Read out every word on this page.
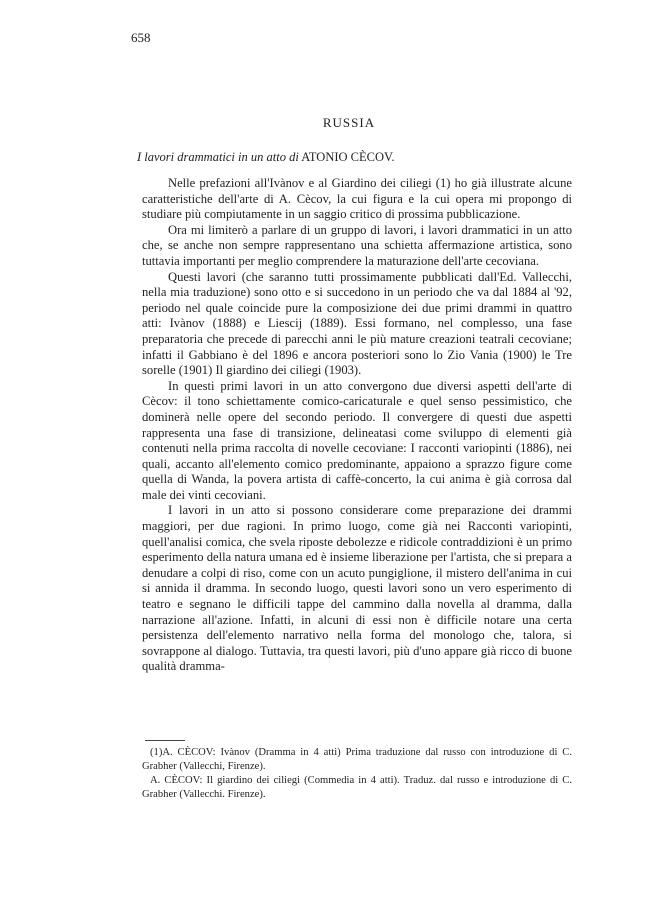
658
RUSSIA
I lavori drammatici in un atto di ATONIO CÈCOV.

Nelle prefazioni all'Ivànov e al Giardino dei ciliegi (1) ho già illustrate alcune caratteristiche dell'arte di A. Cècov, la cui figura e la cui opera mi propongo di studiare più compiutamente in un saggio critico di prossima pubblicazione.

Ora mi limiterò a parlare di un gruppo di lavori, i lavori drammatici in un atto che, se anche non sempre rappresentano una schietta affermazione artistica, sono tuttavia importanti per meglio comprendere la maturazione dell'arte cecoviana.

Questi lavori (che saranno tutti prossimamente pubblicati dall'Ed. Vallecchi, nella mia traduzione) sono otto e si succedono in un periodo che va dal 1884 al '92, periodo nel quale coincide pure la composizione dei due primi drammi in quattro atti: Ivànov (1888) e Liescij (1889). Essi formano, nel complesso, una fase preparatoria che precede di parecchi anni le più mature creazioni teatrali cecoviane; infatti il Gabbiano è del 1896 e ancora posteriori sono lo Zio Vania (1900) le Tre sorelle (1901) Il giardino dei ciliegi (1903).

In questi primi lavori in un atto convergono due diversi aspetti dell'arte di Cècov: il tono schiettamente comico-caricaturale e quel senso pessimistico, che dominerà nelle opere del secondo periodo. Il convergere di questi due aspetti rappresenta una fase di transizione, delineatasi come sviluppo di elementi già contenuti nella prima raccolta di novelle cecoviane: I racconti variopinti (1886), nei quali, accanto all'elemento comico predominante, appaiono a sprazzo figure come quella di Wanda, la povera artista di caffè-concerto, la cui anima è già corrosa dal male dei vinti cecoviani.

I lavori in un atto si possono considerare come preparazione dei drammi maggiori, per due ragioni. In primo luogo, come già nei Racconti variopinti, quell'analisi comica, che svela riposte debolezze e ridicole contraddizioni è un primo esperimento della natura umana ed è insieme liberazione per l'artista, che si prepara a denudare a colpi di riso, come con un acuto pungiglione, il mistero dell'anima in cui si annida il dramma. In secondo luogo, questi lavori sono un vero esperimento di teatro e segnano le difficili tappe del cammino dalla novella al dramma, dalla narrazione all'azione. Infatti, in alcuni di essi non è difficile notare una certa persistenza dell'elemento narrativo nella forma del monologo che, talora, si sovrappone al dialogo. Tuttavia, tra questi lavori, più d'uno appare già ricco di buone qualità dramma-

(1)A. CÈCOV: Ivànov (Dramma in 4 atti) Prima traduzione dal russo con introduzione di C. Grabher (Vallecchi, Firenze).

A. CÈCOV: Il giardino dei ciliegi (Commedia in 4 atti). Traduz. dal russo e introduzione di C. Grabher (Vallecchi. Firenze).
